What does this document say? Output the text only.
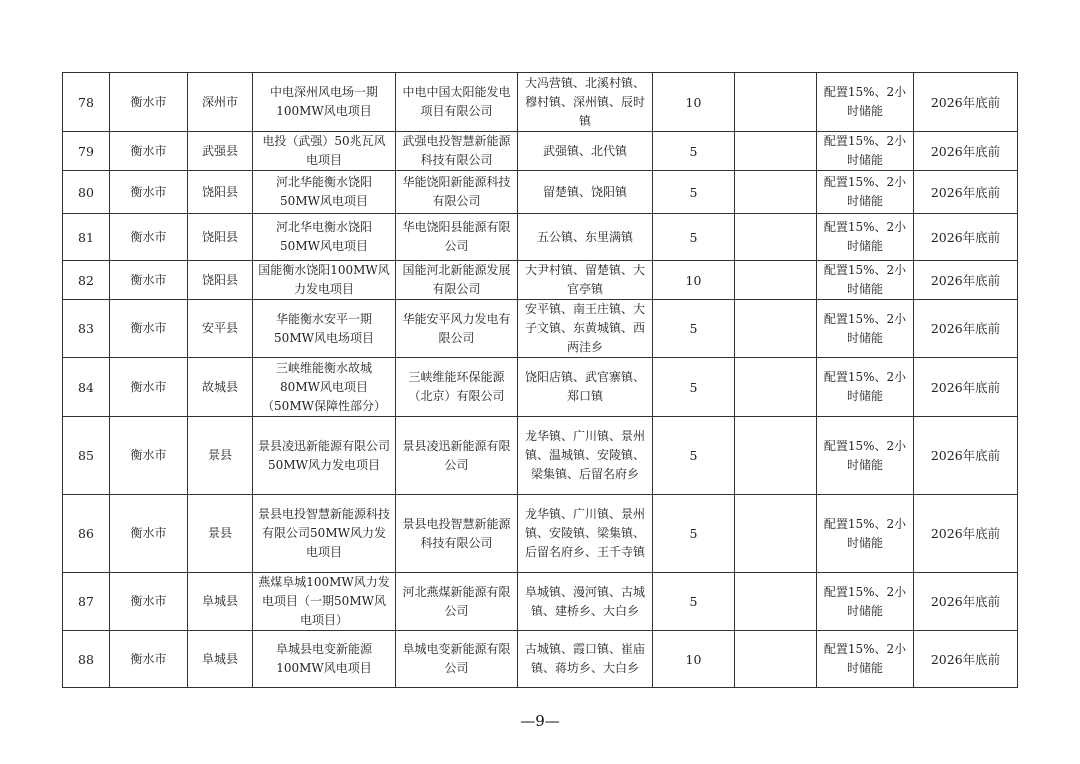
78	衡水市	深州市	中电深州风电场一期100MW风电项目	中电中国太阳能发电项目有限公司	大冯营镇、北溪村镇、穆村镇、深州镇、辰时镇	10		配置15%、2小时储能	2026年底前
79	衡水市	武强县	电投（武强）50兆瓦风电项目	武强电投智慧新能源科技有限公司	武强镇、北代镇	5		配置15%、2小时储能	2026年底前
80	衡水市	饶阳县	河北华能衡水饶阳50MW风电项目	华能饶阳新能源科技有限公司	留楚镇、饶阳镇	5		配置15%、2小时储能	2026年底前
81	衡水市	饶阳县	河北华电衡水饶阳50MW风电项目	华电饶阳县能源有限公司	五公镇、东里满镇	5		配置15%、2小时储能	2026年底前
82	衡水市	饶阳县	国能衡水饶阳100MW风力发电项目	国能河北新能源发展有限公司	大尹村镇、留楚镇、大官亭镇	10		配置15%、2小时储能	2026年底前
83	衡水市	安平县	华能衡水安平一期50MW风电场项目	华能安平风力发电有限公司	安平镇、南王庄镇、大子文镇、东黄城镇、西两洼乡	5		配置15%、2小时储能	2026年底前
84	衡水市	故城县	三峡维能衡水故城80MW风电项目（50MW保障性部分）	三峡维能环保能源（北京）有限公司	饶阳店镇、武官寨镇、郑口镇	5		配置15%、2小时储能	2026年底前
85	衡水市	景县	景县凌迅新能源有限公司50MW风力发电项目	景县凌迅新能源有限公司	龙华镇、广川镇、景州镇、温城镇、安陵镇、梁集镇、后留名府乡	5		配置15%、2小时储能	2026年底前
86	衡水市	景县	景县电投智慧新能源科技有限公司50MW风力发电项目	景县电投智慧新能源科技有限公司	龙华镇、广川镇、景州镇、安陵镇、梁集镇、后留名府乡、王千寺镇	5		配置15%、2小时储能	2026年底前
87	衡水市	阜城县	燕煤阜城100MW风力发电项目（一期50MW风电项目）	河北燕煤新能源有限公司	阜城镇、漫河镇、古城镇、建桥乡、大白乡	5		配置15%、2小时储能	2026年底前
88	衡水市	阜城县	阜城县电变新能源100MW风电项目	阜城电变新能源有限公司	古城镇、霞口镇、崔庙镇、蒋坊乡、大白乡	10		配置15%、2小时储能	2026年底前
—9—
